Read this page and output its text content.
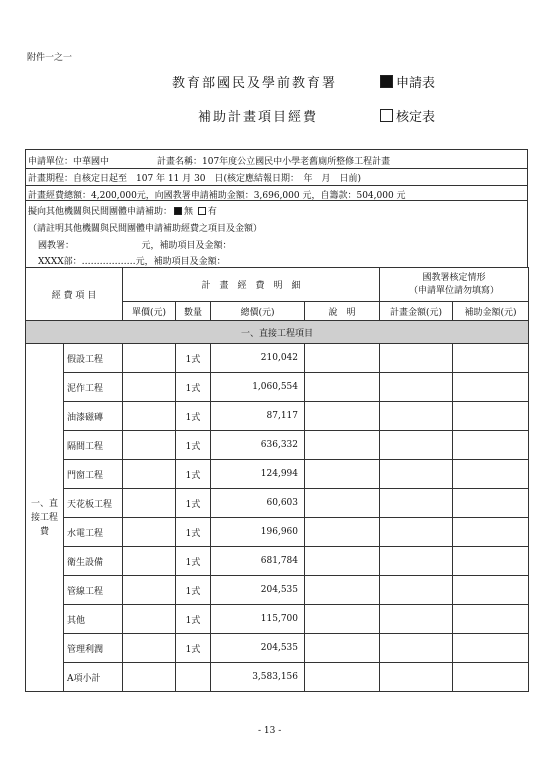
附件一之一
教育部國民及學前教育署	申請表
補助計畫項目經費	核定表
申請單位：中華國中	計畫名稱：107年度公立國民中小學老舊廁所整修工程計畫
計畫期程：自核定日起至　107 年 11 月 30　日(核定應結報日期：　年　月　日前)
計畫經費總額：4,200,000元，向國教署申請補助金額：3,696,000 元，自籌款：504,000 元
擬向其他機關與民間團體申請補助： 無 有
（請註明其他機關與民間團體申請補助經費之項目及金額）
國教署：　　　　　　　　元，補助項目及金額：
XXXX部：………………元，補助項目及金額：
經 費 項 目		計　畫　經　費　明　細				國教署核定情形
（申請單位請勿填寫）	

		單價(元)	數量	總價(元)	說　明	計畫金額(元)	補助金額(元)
一、直接工程項目							

一、直
接工程
費	假設工程		1式	210,042			
	泥作工程		1式	1,060,554			
	油漆磁磚		1式	87,117			
	隔間工程		1式	636,332			
	門窗工程		1式	124,994			
	天花板工程		1式	60,603			
	水電工程		1式	196,960			
	衛生設備		1式	681,784			
	管線工程		1式	204,535			
	其他		1式	115,700			
	管理利潤		1式	204,535			
	A項小計			3,583,156			
- 13 -
